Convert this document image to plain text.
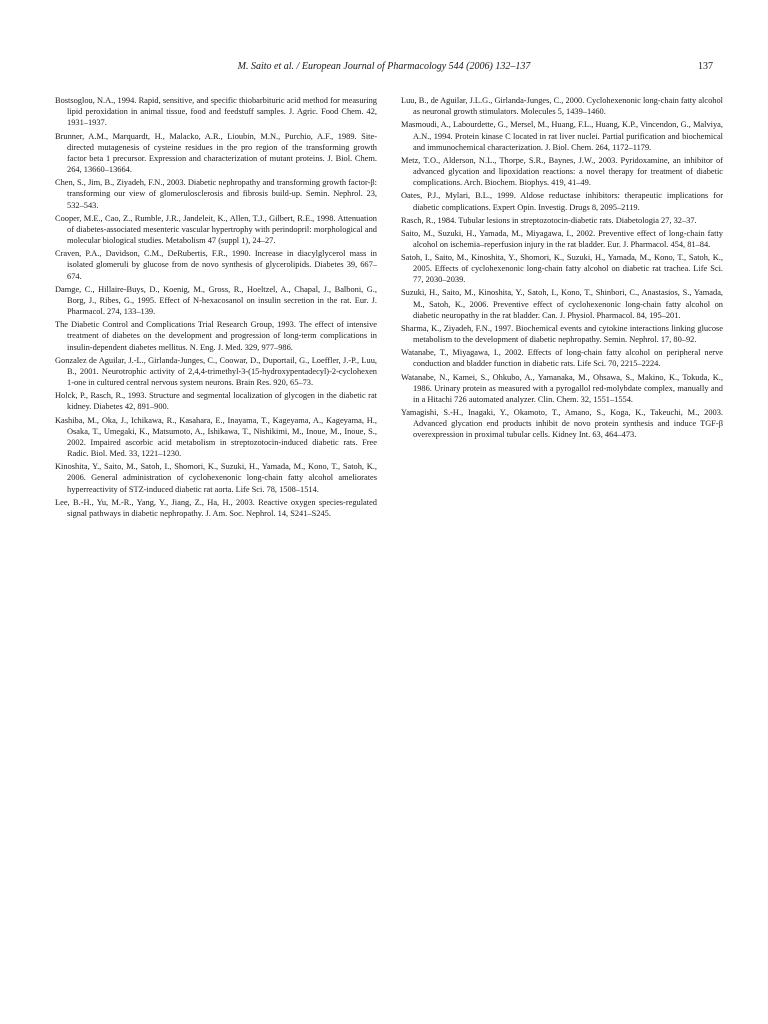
M. Saito et al. / European Journal of Pharmacology 544 (2006) 132–137	137

Bostsoglou, N.A., 1994. Rapid, sensitive, and specific thiobarbituric acid method for measuring lipid peroxidation in animal tissue, food and feedstuff samples. J. Agric. Food Chem. 42, 1931–1937.

Brunner, A.M., Marquardt, H., Malacko, A.R., Lioubin, M.N., Purchio, A.F., 1989. Site-directed mutagenesis of cysteine residues in the pro region of the transforming growth factor beta 1 precursor. Expression and characterization of mutant proteins. J. Biol. Chem. 264, 13660–13664.

Chen, S., Jim, B., Ziyadeh, F.N., 2003. Diabetic nephropathy and transforming growth factor-β: transforming our view of glomerulosclerosis and fibrosis build-up. Semin. Nephrol. 23, 532–543.

Cooper, M.E., Cao, Z., Rumble, J.R., Jandeleit, K., Allen, T.J., Gilbert, R.E., 1998. Attenuation of diabetes-associated mesenteric vascular hypertrophy with perindopril: morphological and molecular biological studies. Metabolism 47 (suppl 1), 24–27.

Craven, P.A., Davidson, C.M., DeRubertis, F.R., 1990. Increase in diacylglycerol mass in isolated glomeruli by glucose from de novo synthesis of glycerolipids. Diabetes 39, 667–674.

Damge, C., Hillaire-Buys, D., Koenig, M., Gross, R., Hoeltzel, A., Chapal, J., Balboni, G., Borg, J., Ribes, G., 1995. Effect of N-hexacosanol on insulin secretion in the rat. Eur. J. Pharmacol. 274, 133–139.

The Diabetic Control and Complications Trial Research Group, 1993. The effect of intensive treatment of diabetes on the development and progression of long-term complications in insulin-dependent diabetes mellitus. N. Eng. J. Med. 329, 977–986.

Gonzalez de Aguilar, J.-L., Girlanda-Junges, C., Coowar, D., Duportail, G., Loeffler, J.-P., Luu, B., 2001. Neurotrophic activity of 2,4,4-trimethyl-3-(15-hydroxypentadecyl)-2-cyclohexen 1-one in cultured central nervous system neurons. Brain Res. 920, 65–73.

Holck, P., Rasch, R., 1993. Structure and segmental localization of glycogen in the diabetic rat kidney. Diabetes 42, 891–900.

Kashiba, M., Oka, J., Ichikawa, R., Kasahara, E., Inayama, T., Kageyama, A., Kageyama, H., Osaka, T., Umegaki, K., Matsumoto, A., Ishikawa, T., Nishikimi, M., Inoue, M., Inoue, S., 2002. Impaired ascorbic acid metabolism in streptozotocin-induced diabetic rats. Free Radic. Biol. Med. 33, 1221–1230.

Kinoshita, Y., Saito, M., Satoh, I., Shomori, K., Suzuki, H., Yamada, M., Kono, T., Satoh, K., 2006. General administration of cyclohexenonic long-chain fatty alcohol ameliorates hyperreactivity of STZ-induced diabetic rat aorta. Life Sci. 78, 1508–1514.

Lee, B.-H., Yu, M.-R., Yang, Y., Jiang, Z., Ha, H., 2003. Reactive oxygen species-regulated signal pathways in diabetic nephropathy. J. Am. Soc. Nephrol. 14, S241–S245.

Luu, B., de Aguilar, J.L.G., Girlanda-Junges, C., 2000. Cyclohexenonic long-chain fatty alcohol as neuronal growth stimulators. Molecules 5, 1439–1460.

Masmoudi, A., Labourdette, G., Mersel, M., Huang, F.L., Huang, K.P., Vincendon, G., Malviya, A.N., 1994. Protein kinase C located in rat liver nuclei. Partial purification and biochemical and immunochemical characterization. J. Biol. Chem. 264, 1172–1179.

Metz, T.O., Alderson, N.L., Thorpe, S.R., Baynes, J.W., 2003. Pyridoxamine, an inhibitor of advanced glycation and lipoxidation reactions: a novel therapy for treatment of diabetic complications. Arch. Biochem. Biophys. 419, 41–49.

Oates, P.J., Mylari, B.L., 1999. Aldose reductase inhibitors: therapeutic implications for diabetic complications. Expert Opin. Investig. Drugs 8, 2095–2119.

Rasch, R., 1984. Tubular lesions in streptozotocin-diabetic rats. Diabetologia 27, 32–37.

Saito, M., Suzuki, H., Yamada, M., Miyagawa, I., 2002. Preventive effect of long-chain fatty alcohol on ischemia–reperfusion injury in the rat bladder. Eur. J. Pharmacol. 454, 81–84.

Satoh, I., Saito, M., Kinoshita, Y., Shomori, K., Suzuki, H., Yamada, M., Kono, T., Satoh, K., 2005. Effects of cyclohexenonic long-chain fatty alcohol on diabetic rat trachea. Life Sci. 77, 2030–2039.

Suzuki, H., Saito, M., Kinoshita, Y., Satoh, I., Kono, T., Shinbori, C., Anastasios, S., Yamada, M., Satoh, K., 2006. Preventive effect of cyclohexenonic long-chain fatty alcohol on diabetic neuropathy in the rat bladder. Can. J. Physiol. Pharmacol. 84, 195–201.

Sharma, K., Ziyadeh, F.N., 1997. Biochemical events and cytokine interactions linking glucose metabolism to the development of diabetic nephropathy. Semin. Nephrol. 17, 80–92.

Watanabe, T., Miyagawa, I., 2002. Effects of long-chain fatty alcohol on peripheral nerve conduction and bladder function in diabetic rats. Life Sci. 70, 2215–2224.

Watanabe, N., Kamei, S., Ohkubo, A., Yamanaka, M., Ohsawa, S., Makino, K., Tokuda, K., 1986. Urinary protein as measured with a pyrogallol red-molybdate complex, manually and in a Hitachi 726 automated analyzer. Clin. Chem. 32, 1551–1554.

Yamagishi, S.-H., Inagaki, Y., Okamoto, T., Amano, S., Koga, K., Takeuchi, M., 2003. Advanced glycation end products inhibit de novo protein synthesis and induce TGF-β overexpression in proximal tubular cells. Kidney Int. 63, 464–473.
